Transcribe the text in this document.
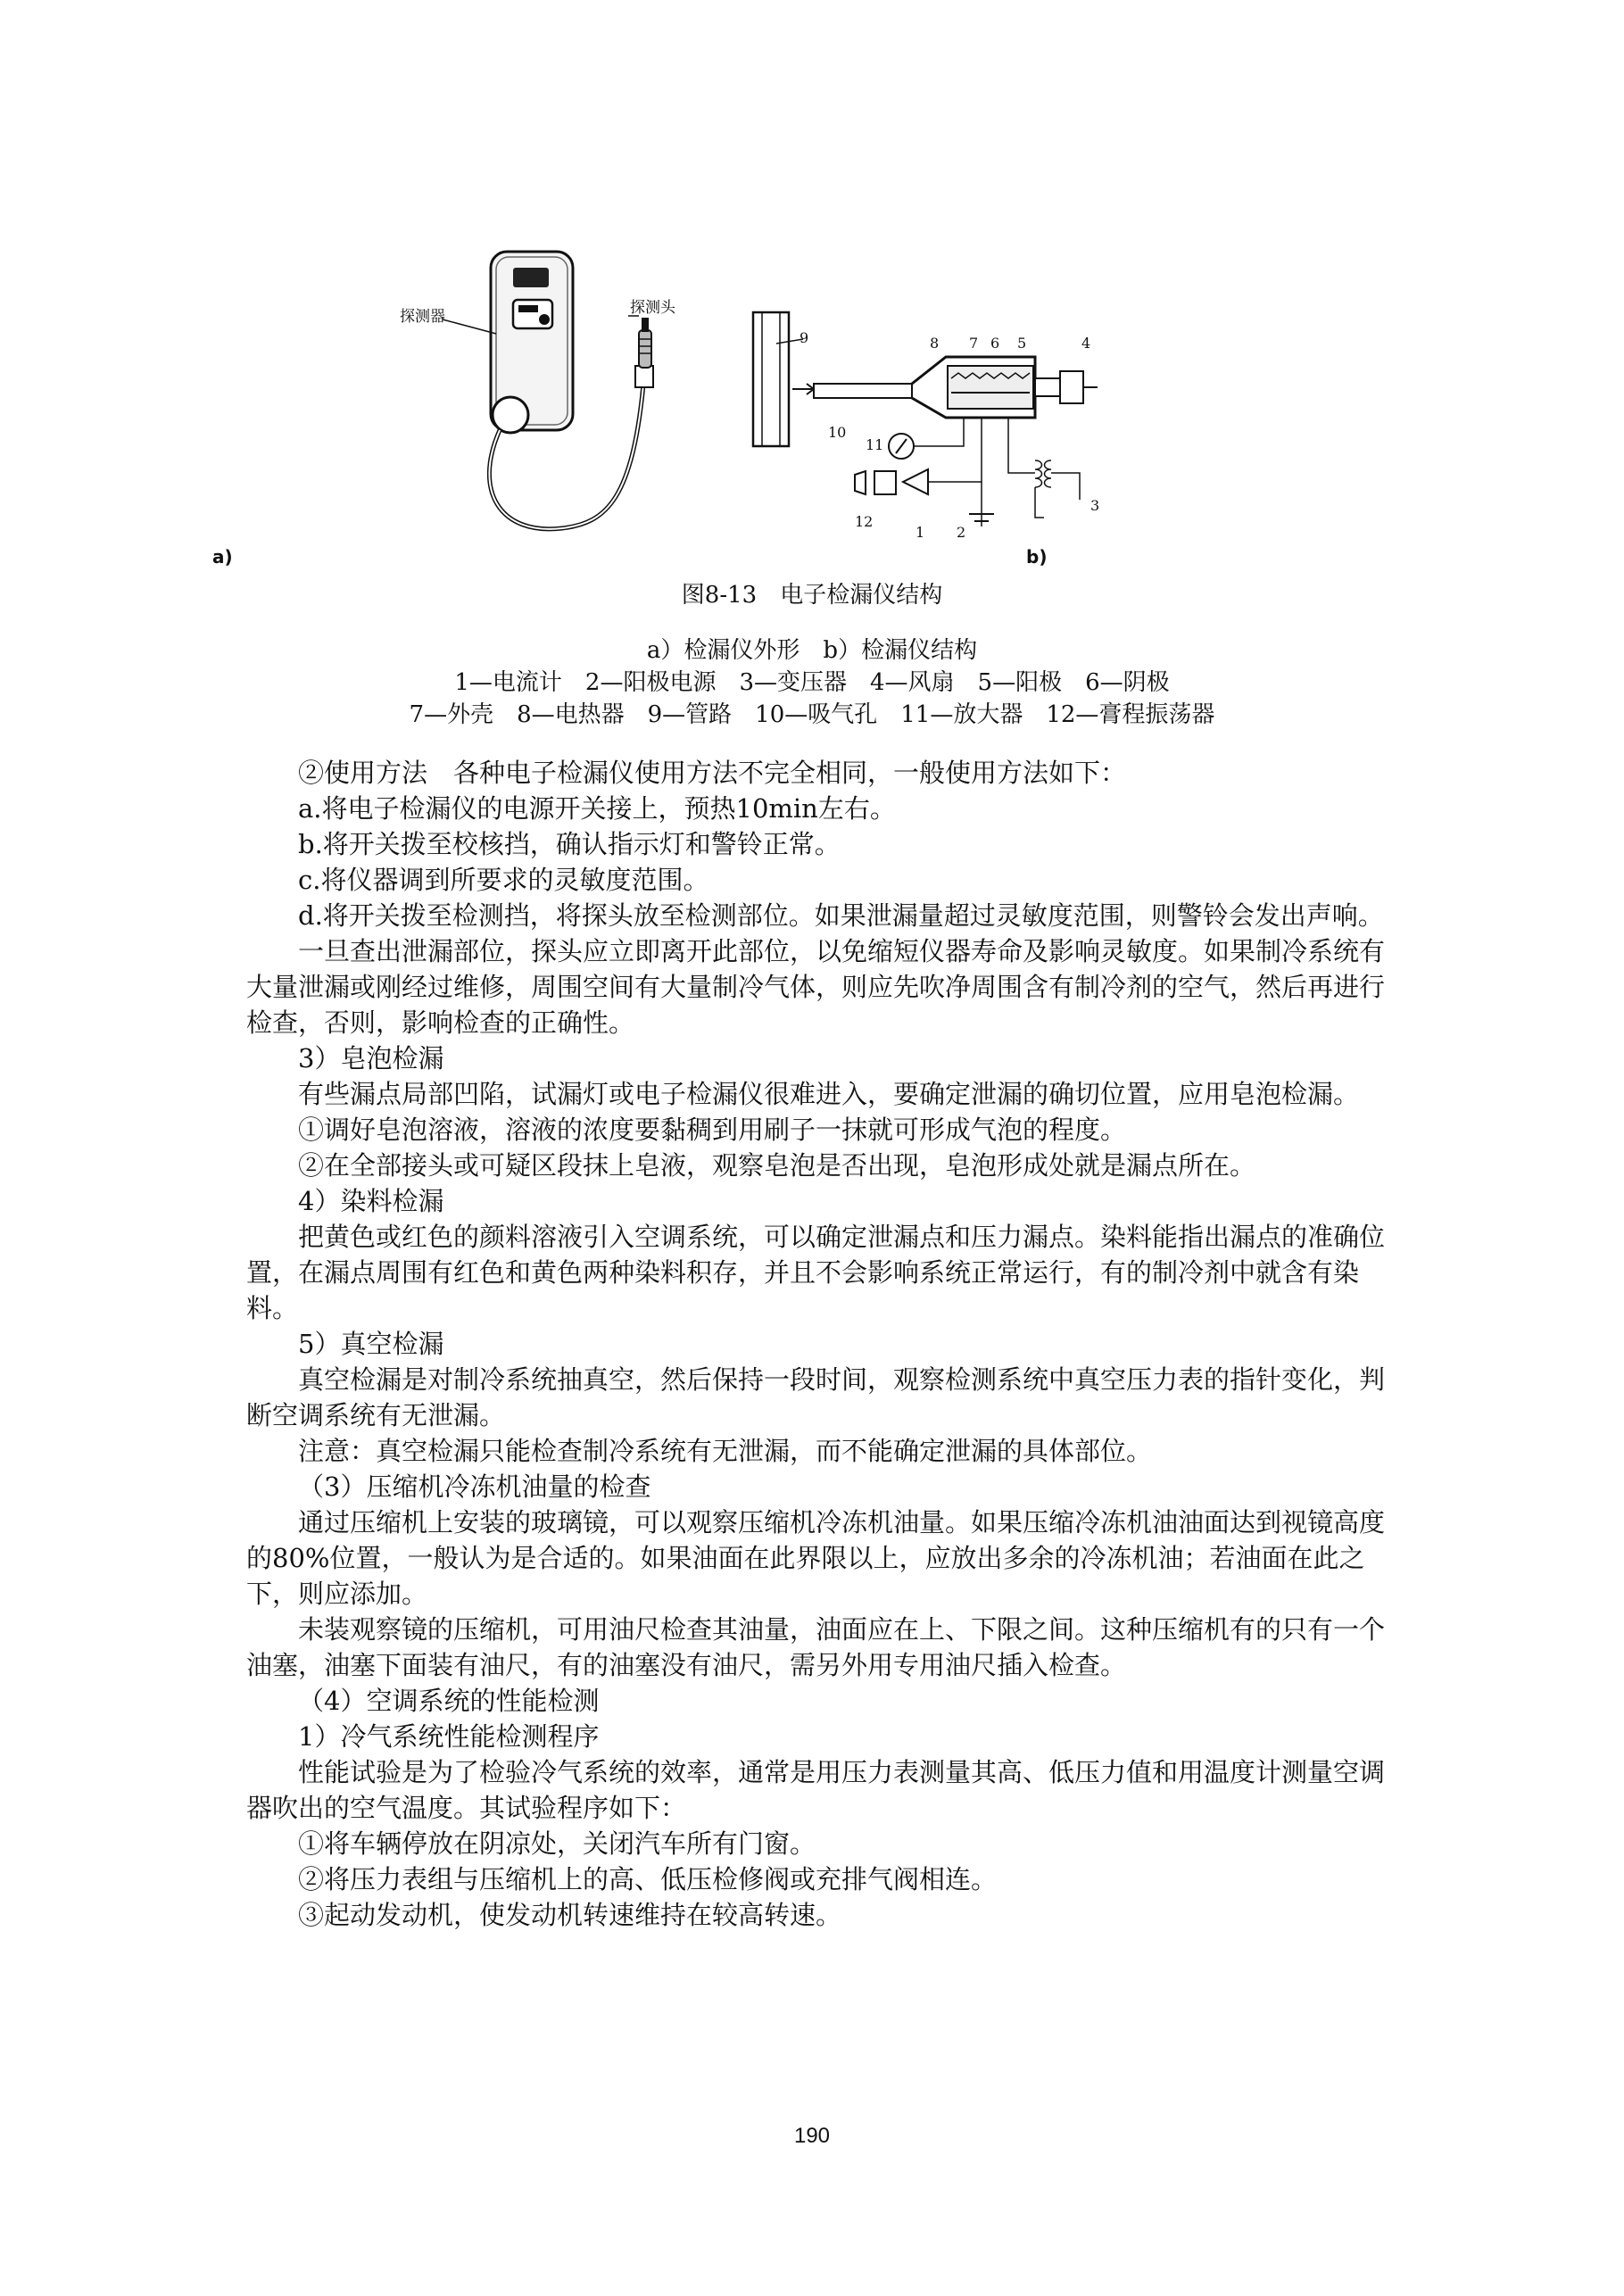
探测器	探测头
9
10
8 7 6 5	4
11
12
1 2
3
a)	b)
图8-13　电子检漏仪结构
a）检漏仪外形　b）检漏仪结构
1—电流计　2—阳极电源　3—变压器　4—风扇　5—阳极　6—阴极
7—外壳　8—电热器　9—管路　10—吸气孔　11—放大器　12—膏程振荡器

②使用方法　各种电子检漏仪使用方法不完全相同，一般使用方法如下：

a.将电子检漏仪的电源开关接上，预热10min左右。

b.将开关拨至校核挡，确认指示灯和警铃正常。

c.将仪器调到所要求的灵敏度范围。

d.将开关拨至检测挡，将探头放至检测部位。如果泄漏量超过灵敏度范围，则警铃会发出声响。

一旦查出泄漏部位，探头应立即离开此部位，以免缩短仪器寿命及影响灵敏度。如果制冷系统有大量泄漏或刚经过维修，周围空间有大量制冷气体，则应先吹净周围含有制冷剂的空气，然后再进行检查，否则，影响检查的正确性。

3）皂泡检漏

有些漏点局部凹陷，试漏灯或电子检漏仪很难进入，要确定泄漏的确切位置，应用皂泡检漏。

①调好皂泡溶液，溶液的浓度要黏稠到用刷子一抹就可形成气泡的程度。

②在全部接头或可疑区段抹上皂液，观察皂泡是否出现，皂泡形成处就是漏点所在。

4）染料检漏

把黄色或红色的颜料溶液引入空调系统，可以确定泄漏点和压力漏点。染料能指出漏点的准确位置，在漏点周围有红色和黄色两种染料积存，并且不会影响系统正常运行，有的制冷剂中就含有染料。

5）真空检漏

真空检漏是对制冷系统抽真空，然后保持一段时间，观察检测系统中真空压力表的指针变化，判断空调系统有无泄漏。

注意：真空检漏只能检查制冷系统有无泄漏，而不能确定泄漏的具体部位。

（3）压缩机冷冻机油量的检查

通过压缩机上安装的玻璃镜，可以观察压缩机冷冻机油量。如果压缩冷冻机油油面达到视镜高度的80%位置，一般认为是合适的。如果油面在此界限以上，应放出多余的冷冻机油；若油面在此之下，则应添加。

未装观察镜的压缩机，可用油尺检查其油量，油面应在上、下限之间。这种压缩机有的只有一个油塞，油塞下面装有油尺，有的油塞没有油尺，需另外用专用油尺插入检查。

（4）空调系统的性能检测

1）冷气系统性能检测程序

性能试验是为了检验冷气系统的效率，通常是用压力表测量其高、低压力值和用温度计测量空调器吹出的空气温度。其试验程序如下：

①将车辆停放在阴凉处，关闭汽车所有门窗。

②将压力表组与压缩机上的高、低压检修阀或充排气阀相连。

③起动发动机，使发动机转速维持在较高转速。

190
